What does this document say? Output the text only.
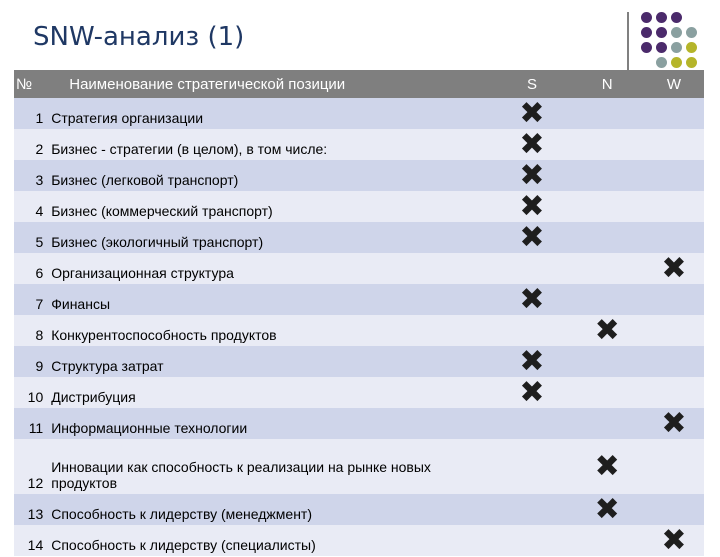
SNW-анализ (1)
№	Наименование стратегической позиции	S	N	W
1	Стратегия организации	✖		
2	Бизнес - стратегии (в целом), в том числе:	✖		
3	Бизнес (легковой транспорт)	✖		
4	Бизнес (коммерческий транспорт)	✖		
5	Бизнес (экологичный транспорт)	✖		
6	Организационная структура			✖
7	Финансы	✖		
8	Конкурентоспособность продуктов		✖	
9	Структура затрат	✖		
10	Дистрибуция	✖		
11	Информационные технологии			✖
12	Инновации как способность к реализации на рынке новых продуктов		✖	
13	Способность к лидерству (менеджмент)		✖	
14	Способность к лидерству (специалисты)			✖
